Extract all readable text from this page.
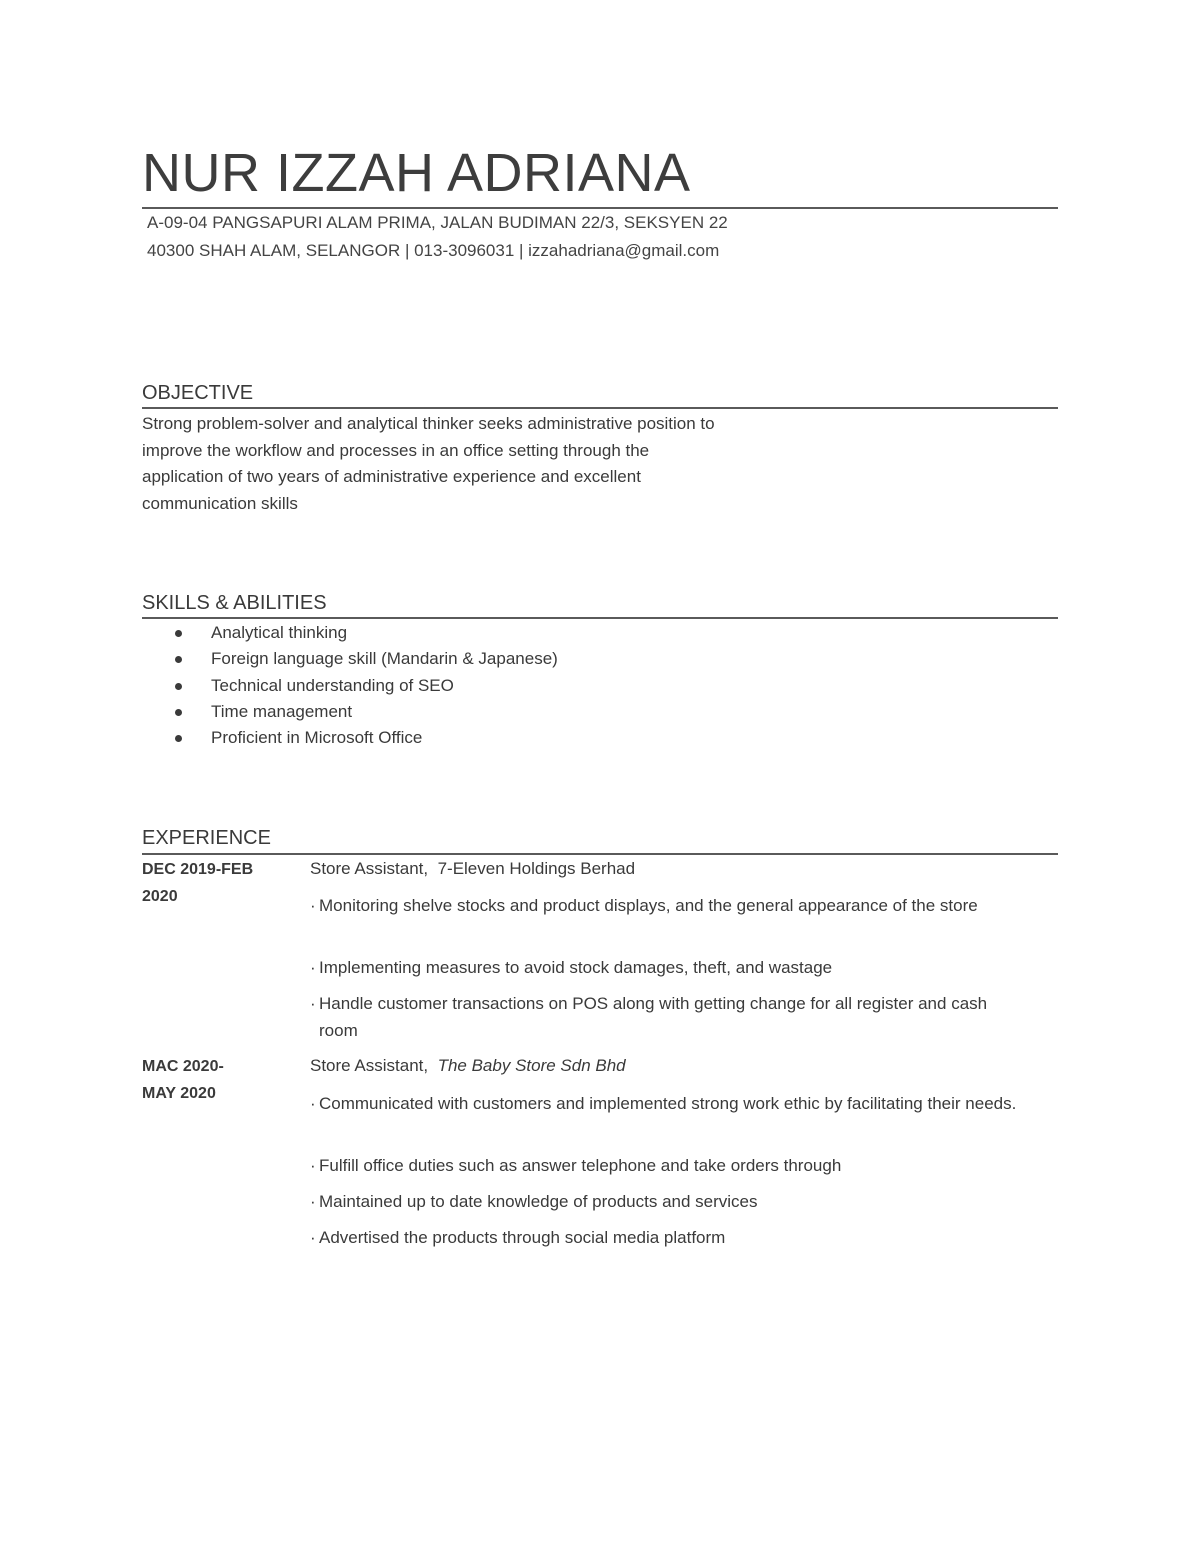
NUR IZZAH ADRIANA
A-09-04 PANGSAPURI ALAM PRIMA, JALAN BUDIMAN 22/3, SEKSYEN 22
40300 SHAH ALAM, SELANGOR | 013-3096031 | izzahadriana@gmail.com
OBJECTIVE
Strong problem-solver and analytical thinker seeks administrative position to
improve the workflow and processes in an office setting through the
application of two years of administrative experience and excellent
communication skills
SKILLS & ABILITIES
Analytical thinking
Foreign language skill (Mandarin & Japanese)
Technical understanding of SEO
Time management
Proficient in Microsoft Office
EXPERIENCE
DEC 2019-FEB
2020
Store Assistant, 7-Eleven Holdings Berhad
· Monitoring shelve stocks and product displays, and the general appearance of the store
· Implementing measures to avoid stock damages, theft, and wastage
· Handle customer transactions on POS along with getting change for all register and cash room
MAC 2020-
MAY 2020
Store Assistant, The Baby Store Sdn Bhd
· Communicated with customers and implemented strong work ethic by facilitating their needs.
· Fulfill office duties such as answer telephone and take orders through
· Maintained up to date knowledge of products and services
· Advertised the products through social media platform
